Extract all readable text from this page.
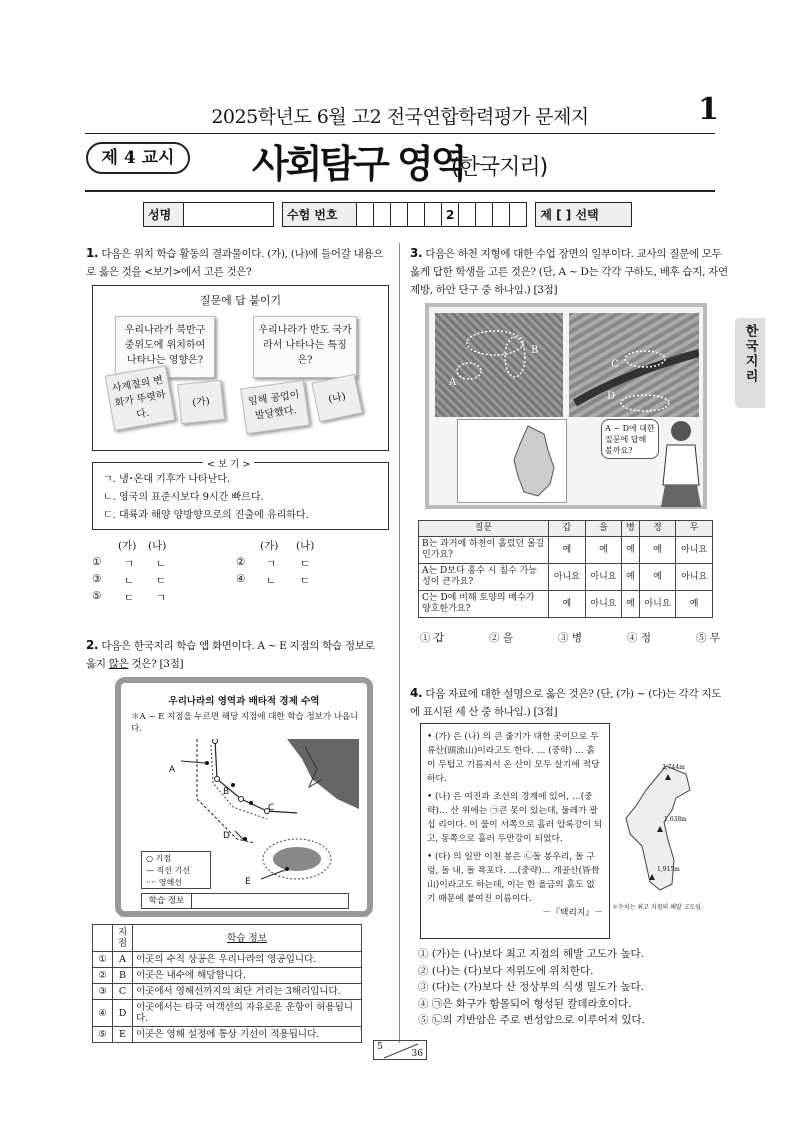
2025학년도 6월 고2 전국연합학력평가 문제지	1
제 4 교시	사회탐구 영역
(한국지리)
성명			수험 번호						2						제 [ ] 선택
한국지리
1. 다음은 위치 학습 활동의 결과물이다. (가), (나)에 들어갈 내용으로 옳은 것을 <보기>에서 고른 것은?
질문에 답 붙이기
우리나라가 북반구 중위도에 위치하여 나타나는 영향은?
우리나라가 반도 국가라서 나타나는 특징은?
사계절의 변화가 뚜렷하다.
(가)	임해 공업이 발달했다.
(나)
< 보 기 >
ㄱ. 냉･온대 기후가 나타난다.
ㄴ. 영국의 표준시보다 9시간 빠르다.
ㄷ. 대륙과 해양 양방향으로의 진출에 유리하다.
(가) (나)	(가) (나)
① ㄱ ㄴ	② ㄱ ㄷ
③ ㄴ ㄷ	④ ㄴ ㄷ
⑤ ㄷ ㄱ
2. 다음은 한국지리 학습 앱 화면이다. A ~ E 지점의 학습 정보로
옳지 않은 것은? [3점]
우리나라의 영역과 배타적 경제 수역
＊A ~ E 지점을 누르면 해당 지점에 대한 학습 정보가 나옵니다.
A
B
C
D
E
○ 기점
— 직선 기선
···· 영해선
학습 정보
	지점	학습 정보
①	A	이곳의 수직 상공은 우리나라의 영공입니다.
②	B	이곳은 내수에 해당합니다.
③	C	이곳에서 영해선까지의 최단 거리는 3해리입니다.
④	D	이곳에서는 타국 여객선의 자유로운 운항이 허용됩니다.
⑤	E	이곳은 영해 설정에 통상 기선이 적용됩니다.
3. 다음은 하천 지형에 대한 수업 장면의 일부이다. 교사의 질문에 모두 옳게 답한 학생을 고른 것은? (단, A ~ D는 각각 구하도, 배후 습지, 자연 제방, 하안 단구 중 하나임.) [3점]
A
B
C
D
A ~ D에 대한 질문에 답해 볼까요?
질문	갑	을	병	정	무
B는 과거에 하천이 흘렀던 물길인가요?	예	예	예	예	아니요
A는 D보다 홍수 시 침수 가능성이 큰가요?	아니요	아니요	예	예	아니요
C는 D에 비해 토양의 배수가 양호한가요?	예	아니요	예	아니요	예
① 갑	② 을	③ 병	④ 정	⑤ 무
4. 다음 자료에 대한 설명으로 옳은 것은? (단, (가) ~ (다)는 각각 지도에 표시된 세 산 중 하나임.) [3점]
• (가) 은 (나) 의 큰 줄기가 대한 곳이므로 두류산(頭流山)이라고도 한다. … (중략) … 흙이 두텁고 기름져서 온 산이 모두 살기에 적당하다.
• (나) 은 여진과 조선의 경계에 있어, …(중략)… 산 위에는 ㉠큰 못이 있는데, 둘레가 팔십 리이다. 이 물이 서쪽으로 흘러 압록강이 되고, 동쪽으로 흘러 두만강이 되었다.
• (다) 의 일만 이천 봉은 ㉡돌 봉우리, 돌 구렁, 돌 내, 돌 폭포다. …(중략)… 개골산(皆骨山)이라고도 하는데, 이는 한 올금의 흙도 없기 때문에 붙여진 이름이다.
－『택리지』－
2,744m
1,638m
1,915m
＊수치는 최고 지점의 해발 고도임.
① (가)는 (나)보다 최고 지점의 해발 고도가 높다.
② (나)는 (다)보다 저위도에 위치한다.
③ (다)는 (가)보다 산 정상부의 식생 밀도가 높다.
④ ㉠은 화구가 함몰되어 형성된 칼데라호이다.
⑤ ㉡의 기반암은 주로 변성암으로 이루어져 있다.
5
36
